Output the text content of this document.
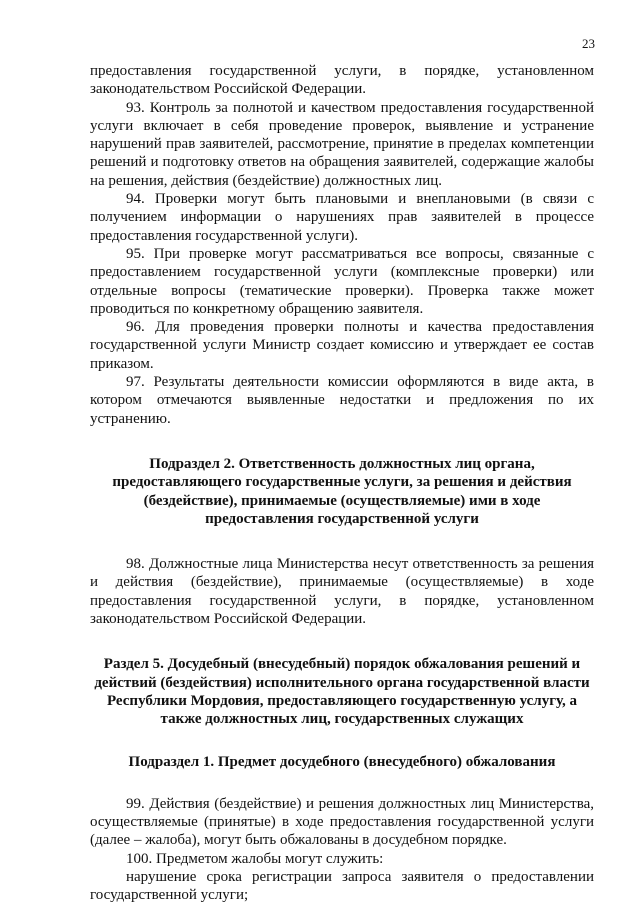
23

предоставления государственной услуги, в порядке, установленном законодательством Российской Федерации.

93. Контроль за полнотой и качеством предоставления государственной услуги включает в себя проведение проверок, выявление и устранение нарушений прав заявителей, рассмотрение, принятие в пределах компетенции решений и подготовку ответов на обращения заявителей, содержащие жалобы на решения, действия (бездействие) должностных лиц.

94. Проверки могут быть плановыми и внеплановыми (в связи с получением информации о нарушениях прав заявителей в процессе предоставления государственной услуги).

95. При проверке могут рассматриваться все вопросы, связанные с предоставлением государственной услуги (комплексные проверки) или отдельные вопросы (тематические проверки). Проверка также может проводиться по конкретному обращению заявителя.

96. Для проведения проверки полноты и качества предоставления государственной услуги Министр создает комиссию и утверждает ее состав приказом.

97. Результаты деятельности комиссии оформляются в виде акта, в котором отмечаются выявленные недостатки и предложения по их устранению.

Подраздел 2. Ответственность должностных лиц органа, предоставляющего государственные услуги, за решения и действия (бездействие), принимаемые (осуществляемые) ими в ходе предоставления государственной услуги

98. Должностные лица Министерства несут ответственность за решения и действия (бездействие), принимаемые (осуществляемые) в ходе предоставления государственной услуги, в порядке, установленном законодательством Российской Федерации.

Раздел 5. Досудебный (внесудебный) порядок обжалования решений и действий (бездействия) исполнительного органа государственной власти Республики Мордовия, предоставляющего государственную услугу, а также должностных лиц, государственных служащих
Подраздел 1. Предмет досудебного (внесудебного) обжалования

99. Действия (бездействие) и решения должностных лиц Министерства, осуществляемые (принятые) в ходе предоставления государственной услуги (далее – жалоба), могут быть обжалованы в досудебном порядке.

100. Предметом жалобы могут служить:

нарушение срока регистрации запроса заявителя о предоставлении государственной услуги;
